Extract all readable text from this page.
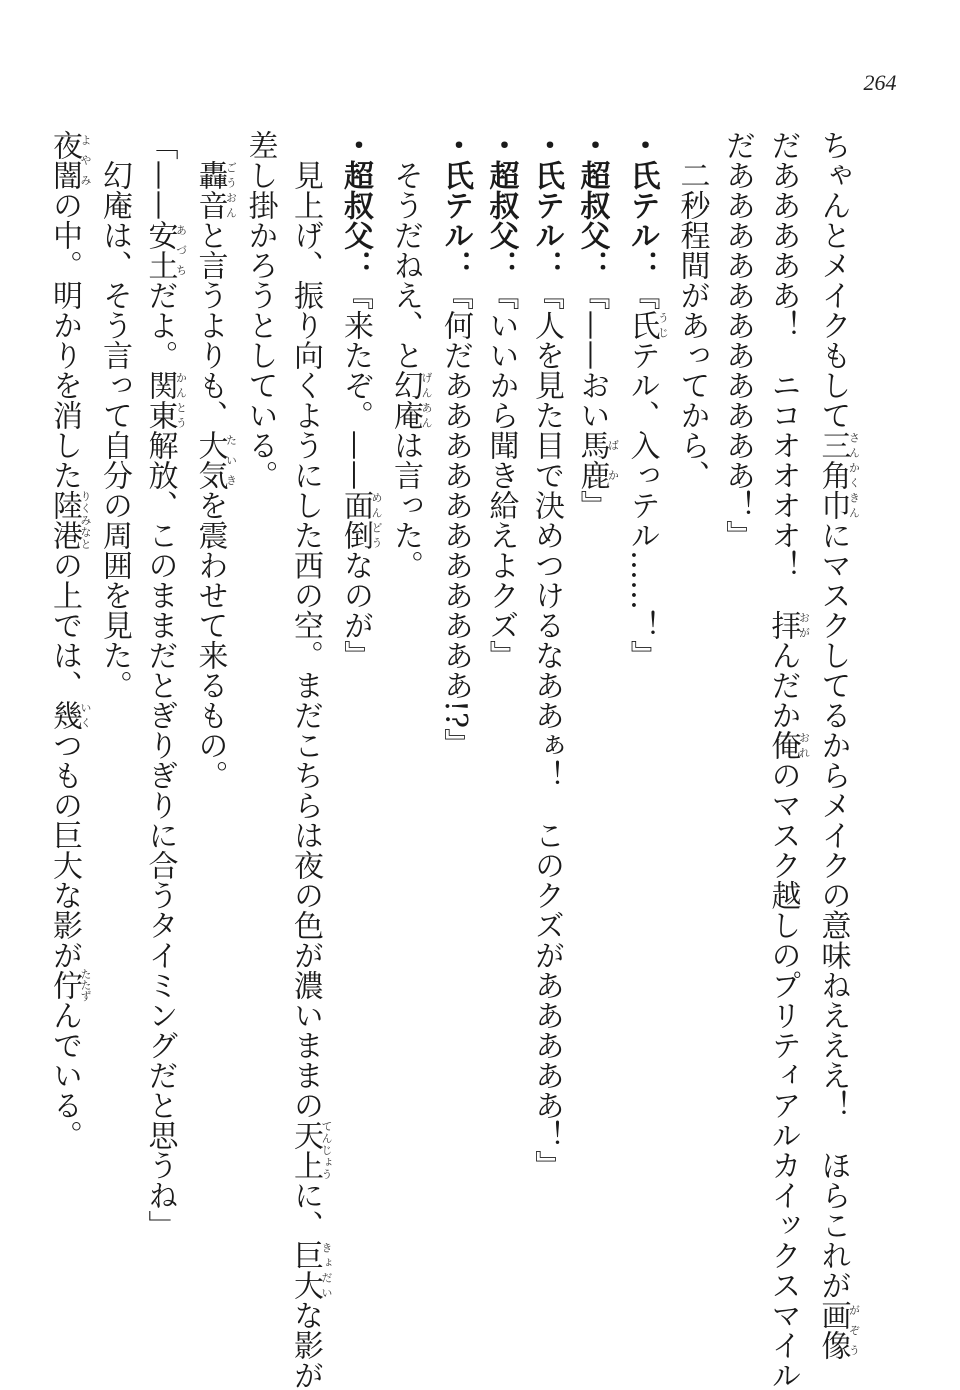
264
ちゃんとメイクもして三角巾さんかくきんにマスクしてるからメイクの意味ねえええ！　ほらこれが画像がぞう
だあああああ！　ニコオオオオ！　拝おがんだか俺おれのマスク越しのプリティアルカイックスマイル
だあああああああああああ！』
二秒程間があってから、
・氏テル：『氏うじテル、入っテル……！』
・超叔父：『——おい馬鹿ばか』
・氏テル：『人を見た目で決めつけるなああぁ！　このクズがあああああ！』
・超叔父：『いいから聞き給えよクズ』
・氏テル：『何だあああああああああああ!?』
そうだねえ、と幻庵げんあんは言った。
・超叔父：『来たぞ。——面倒めんどうなのが』
見上げ、振り向くようにした西の空。まだこちらは夜の色が濃いままの天上てんじょうに、巨大きょだいな影が
差し掛かろうとしている。
轟音ごうおんと言うよりも、大気たいきを震わせて来るもの。
「——安土あづちだよ。関東かんとう解放、このままだとぎりぎりに合うタイミングだと思うね」
幻庵は、そう言って自分の周囲を見た。
夜闇よやみの中。明かりを消した陸港りくみなとの上では、幾いくつもの巨大な影が佇たたずんでいる。
